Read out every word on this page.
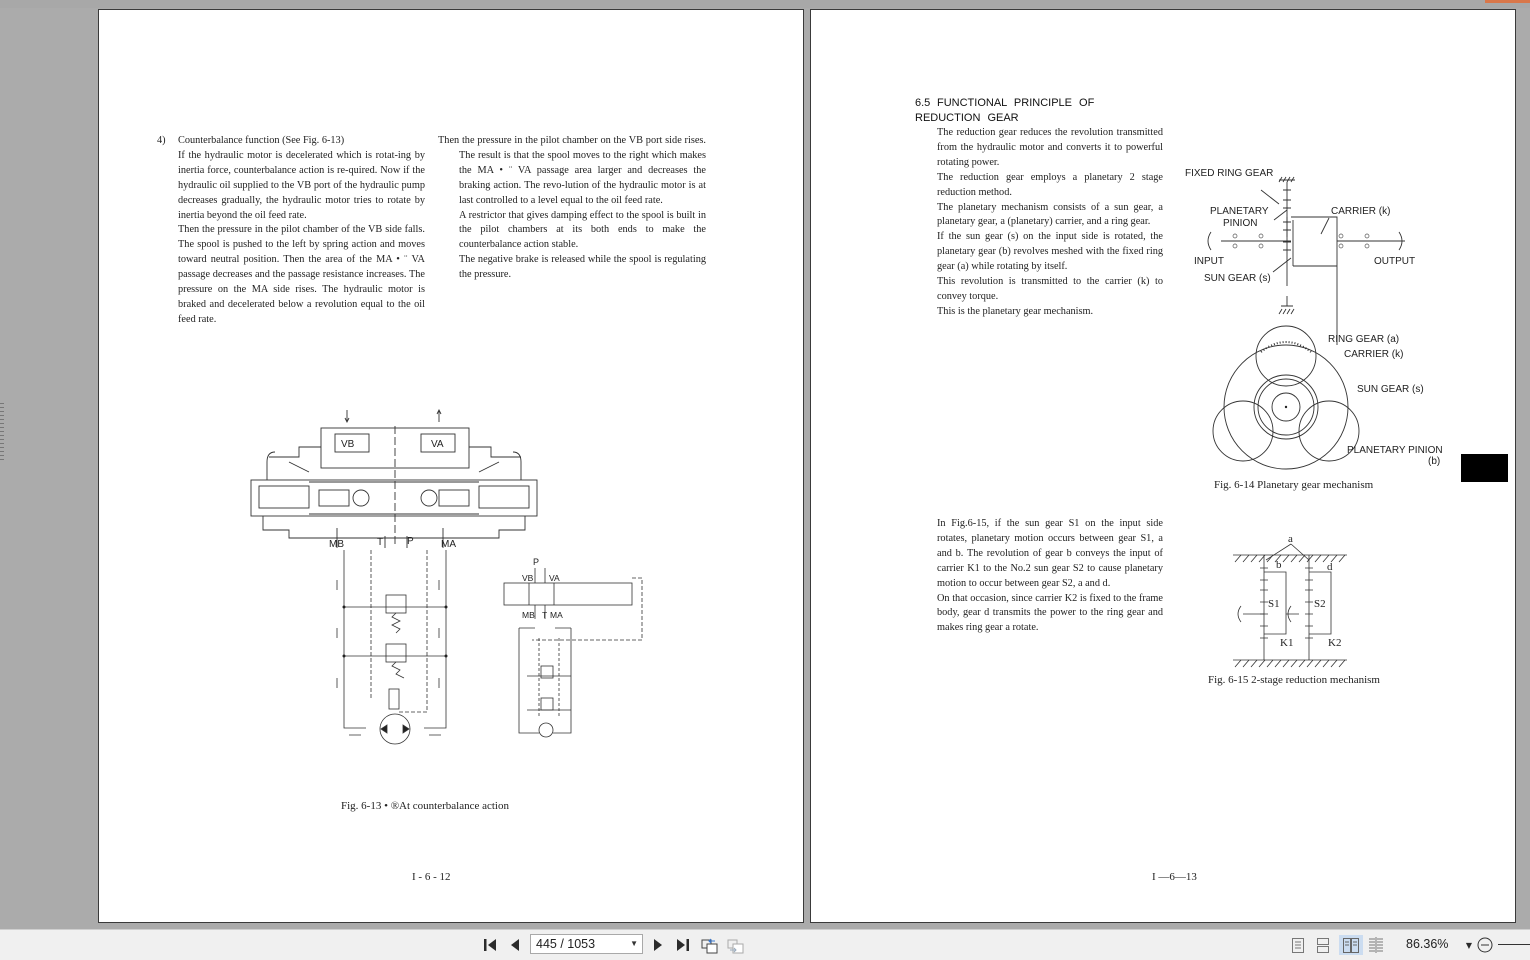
4) Counterbalance function (See Fig. 6-13)

If the hydraulic motor is decelerated which is rotat-ing by inertia force, counterbalance action is re-quired. Now if the hydraulic oil supplied to the VB port of the hydraulic pump decreases gradually, the hydraulic motor tries to rotate by inertia beyond the oil feed rate.

Then the pressure in the pilot chamber of the VB side falls. The spool is pushed to the left by spring action and moves toward neutral position. Then the area of the MA • ¨ VA passage decreases and the passage resistance increases. The pressure on the MA side rises. The hydraulic motor is braked and decelerated below a revolution equal to the oil feed rate.

Then the pressure in the pilot chamber on the VB port side rises. The result is that the spool moves to the right which makes the MA • ¨ VA passage area larger and decreases the braking action. The revo-lution of the hydraulic motor is at last controlled to a level equal to the oil feed rate.

A restrictor that gives damping effect to the spool is built in the pilot chambers at its both ends to make the counterbalance action stable.

The negative brake is released while the spool is regulating the pressure.

VB	VA
MB	T P	MA
P
VB VA
MB T MA
Fig. 6-13 • ®At counterbalance action
I - 6 - 12
6.5 FUNCTIONAL PRINCIPLE OF REDUCTION GEAR

The reduction gear reduces the revolution transmitted from the hydraulic motor and converts it to powerful rotating power.

The reduction gear employs a planetary 2 stage reduction method.

The planetary mechanism consists of a sun gear, a planetary gear, a (planetary) carrier, and a ring gear.

If the sun gear (s) on the input side is rotated, the planetary gear (b) revolves meshed with the fixed ring gear (a) while rotating by itself.

This revolution is transmitted to the carrier (k) to convey torque.

This is the planetary gear mechanism.

FIXED RING GEAR
PLANETARY
PINION
CARRIER (k)
INPUT	OUTPUT
SUN GEAR (s)
RING GEAR (a)
CARRIER (k)
SUN GEAR (s)
PLANETARY PINION
(b)
Fig. 6-14 Planetary gear mechanism

In Fig.6-15, if the sun gear S1 on the input side rotates, planetary motion occurs between gear S1, a and b. The revolution of gear b conveys the input of carrier K1 to the No.2 sun gear S2 to cause planetary motion to occur between gear S2, a and d.

On that occasion, since carrier K2 is fixed to the frame body, gear d transmits the power to the ring gear and makes ring gear a rotate.

a
b	d
S1	S2
K1	K2
Fig. 6-15 2-stage reduction mechanism
I —6—13
445 / 1053	▼	86.36% ▼
